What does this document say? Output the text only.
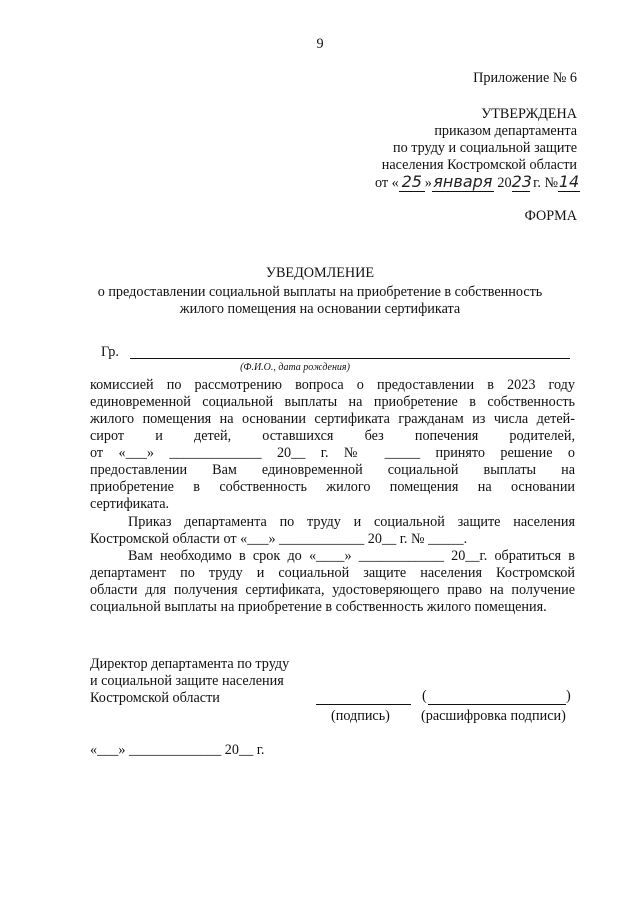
9
Приложение № 6
УТВЕРЖДЕНА
приказом департамента
по труду и социальной защите
населения Костромской области
от « 25 »января 2023 г. №14
ФОРМА
УВЕДОМЛЕНИЕ
о предоставлении социальной выплаты на приобретение в собственность
жилого помещения на основании сертификата
Гр.
(Ф.И.О., дата рождения)
комиссией по рассмотрению вопроса о предоставлении в 2023 году
единовременной социальной выплаты на приобретение в собственность
жилого помещения на основании сертификата гражданам из числа детей-
сирот и детей, оставшихся без попечения родителей,
от «___» _____________ 20__ г. № _____ принято решение о
предоставлении Вам единовременной социальной выплаты на
приобретение в собственность жилого помещения на основании
сертификата.
Приказ департамента по труду и социальной защите населения
Костромской области от «___» ____________ 20__ г. № _____.
Вам необходимо в срок до «____» ____________ 20__г. обратиться в
департамент по труду и социальной защите населения Костромской
области для получения сертификата, удостоверяющего право на получение
социальной выплаты на приобретение в собственность жилого помещения.
Директор департамента по труду
и социальной защите населения
Костромской области	(	)
(подпись) (расшифровка подписи)
«___» _____________ 20__ г.
